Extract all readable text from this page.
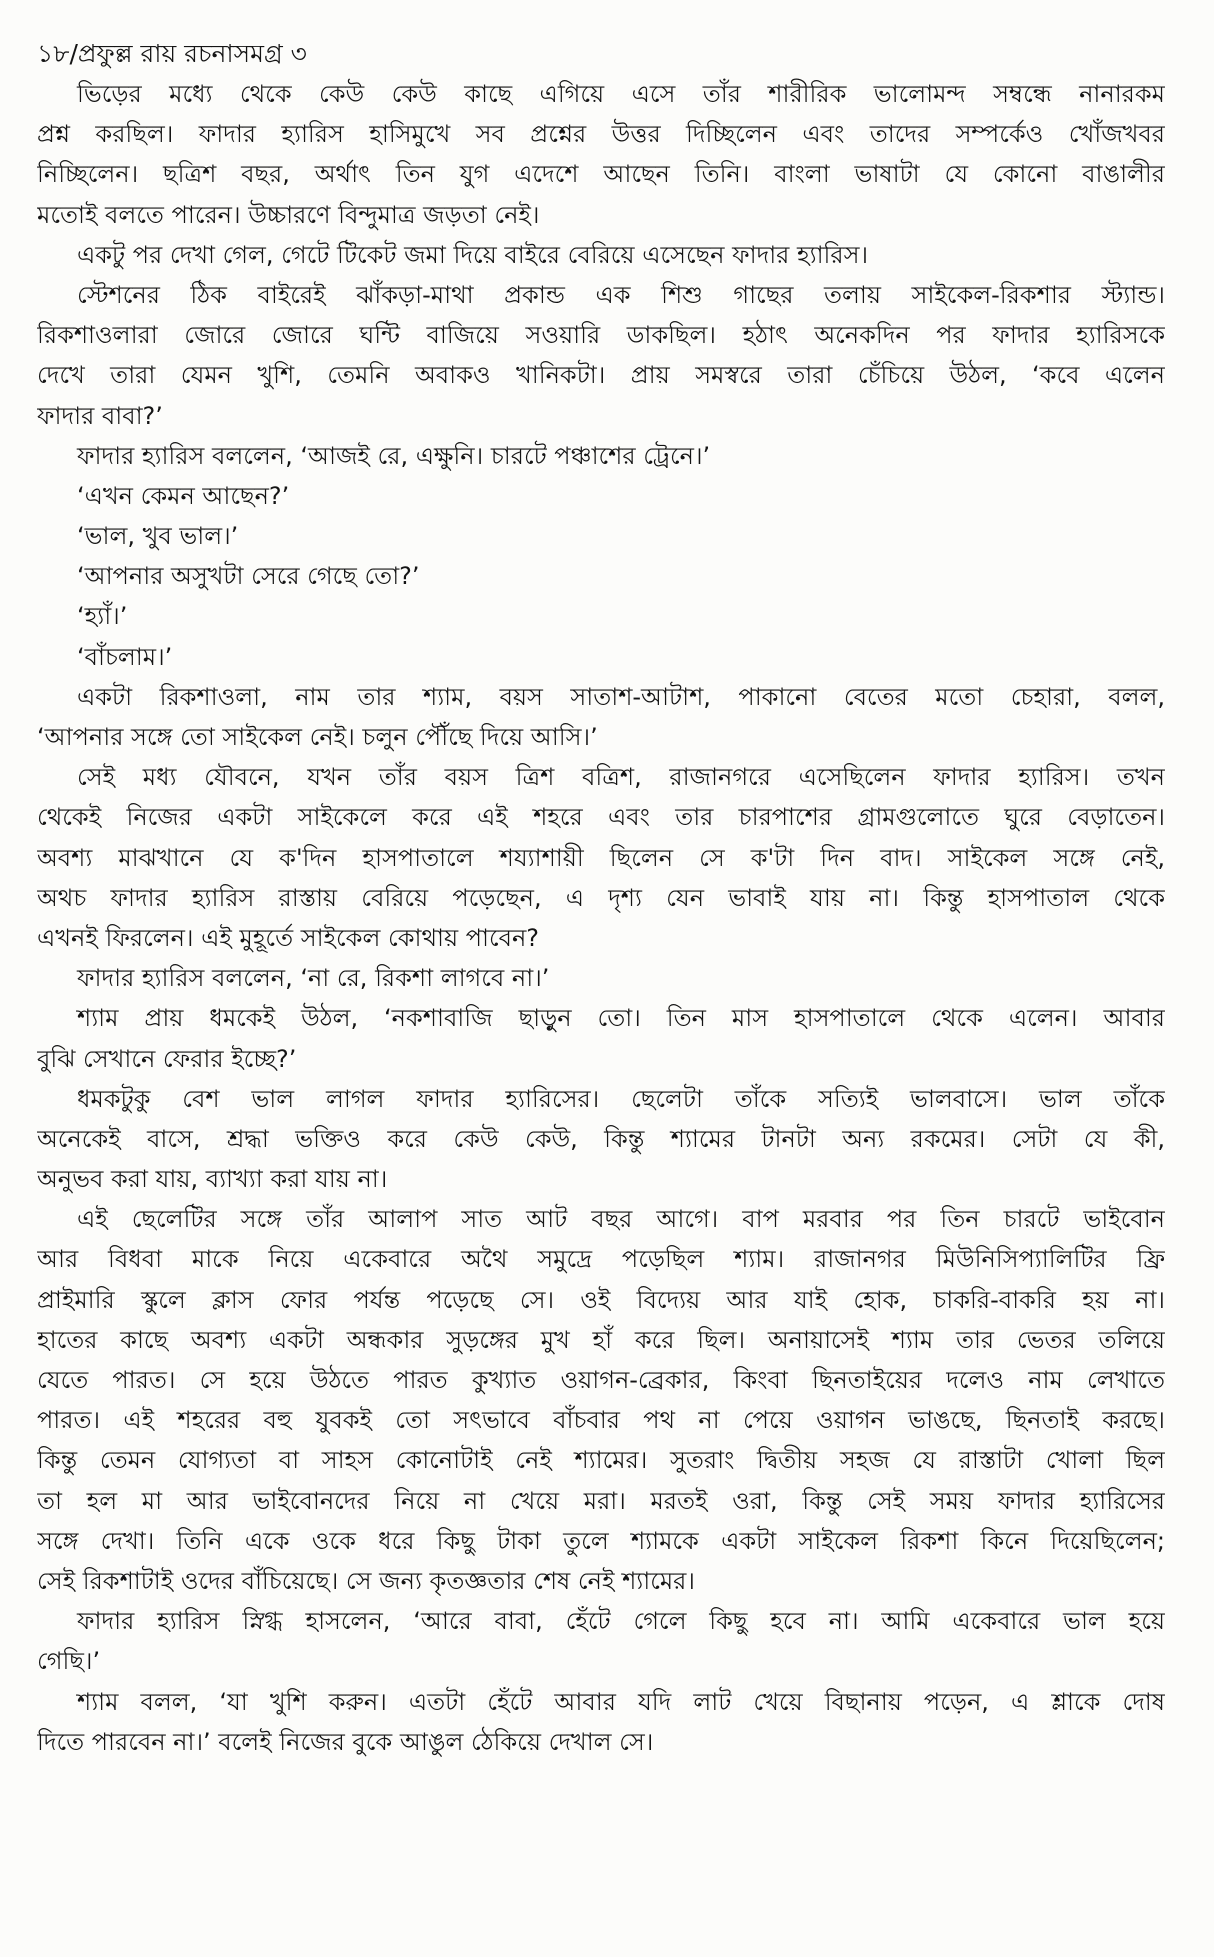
১৮/প্রফুল্ল রায় রচনাসমগ্র ৩
ভিড়ের মধ্যে থেকে কেউ কেউ কাছে এগিয়ে এসে তাঁর শারীরিক ভালোমন্দ সম্বন্ধে নানারকম
প্রশ্ন করছিল। ফাদার হ্যারিস হাসিমুখে সব প্রশ্নের উত্তর দিচ্ছিলেন এবং তাদের সম্পর্কেও খোঁজখবর
নিচ্ছিলেন। ছত্রিশ বছর, অর্থাৎ তিন যুগ এদেশে আছেন তিনি। বাংলা ভাষাটা যে কোনো বাঙালীর
মতোই বলতে পারেন। উচ্চারণে বিন্দুমাত্র জড়তা নেই।
একটু পর দেখা গেল, গেটে টিকেট জমা দিয়ে বাইরে বেরিয়ে এসেছেন ফাদার হ্যারিস।
স্টেশনের ঠিক বাইরেই ঝাঁকড়া-মাথা প্রকান্ড এক শিশু গাছের তলায় সাইকেল-রিকশার স্ট্যান্ড।
রিকশাওলারা জোরে জোরে ঘন্টি বাজিয়ে সওয়ারি ডাকছিল। হঠাৎ অনেকদিন পর ফাদার হ্যারিসকে
দেখে তারা যেমন খুশি, তেমনি অবাকও খানিকটা। প্রায় সমস্বরে তারা চেঁচিয়ে উঠল, ‘কবে এলেন
ফাদার বাবা?’
ফাদার হ্যারিস বললেন, ‘আজই রে, এক্ষুনি। চারটে পঞ্চাশের ট্রেনে।’
‘এখন কেমন আছেন?’
‘ভাল, খুব ভাল।’
‘আপনার অসুখটা সেরে গেছে তো?’
‘হ্যাঁ।’
‘বাঁচলাম।’
একটা রিকশাওলা, নাম তার শ্যাম, বয়স সাতাশ-আটাশ, পাকানো বেতের মতো চেহারা, বলল,
‘আপনার সঙ্গে তো সাইকেল নেই। চলুন পৌঁছে দিয়ে আসি।’
সেই মধ্য যৌবনে, যখন তাঁর বয়স ত্রিশ বত্রিশ, রাজানগরে এসেছিলেন ফাদার হ্যারিস। তখন
থেকেই নিজের একটা সাইকেলে করে এই শহরে এবং তার চারপাশের গ্রামগুলোতে ঘুরে বেড়াতেন।
অবশ্য মাঝখানে যে ক'দিন হাসপাতালে শয্যাশায়ী ছিলেন সে ক'টা দিন বাদ। সাইকেল সঙ্গে নেই,
অথচ ফাদার হ্যারিস রাস্তায় বেরিয়ে পড়েছেন, এ দৃশ্য যেন ভাবাই যায় না। কিন্তু হাসপাতাল থেকে
এখনই ফিরলেন। এই মুহূর্তে সাইকেল কোথায় পাবেন?
ফাদার হ্যারিস বললেন, ‘না রে, রিকশা লাগবে না।’
শ্যাম প্রায় ধমকেই উঠল, ‘নকশাবাজি ছাড়ুন তো। তিন মাস হাসপাতালে থেকে এলেন। আবার
বুঝি সেখানে ফেরার ইচ্ছে?’
ধমকটুকু বেশ ভাল লাগল ফাদার হ্যারিসের। ছেলেটা তাঁকে সত্যিই ভালবাসে। ভাল তাঁকে
অনেকেই বাসে, শ্রদ্ধা ভক্তিও করে কেউ কেউ, কিন্তু শ্যামের টানটা অন্য রকমের। সেটা যে কী,
অনুভব করা যায়, ব্যাখ্যা করা যায় না।
এই ছেলেটির সঙ্গে তাঁর আলাপ সাত আট বছর আগে। বাপ মরবার পর তিন চারটে ভাইবোন
আর বিধবা মাকে নিয়ে একেবারে অথৈ সমুদ্রে পড়েছিল শ্যাম। রাজানগর মিউনিসিপ্যালিটির ফ্রি
প্রাইমারি স্কুলে ক্লাস ফোর পর্যন্ত পড়েছে সে। ওই বিদ্যেয় আর যাই হোক, চাকরি-বাকরি হয় না।
হাতের কাছে অবশ্য একটা অন্ধকার সুড়ঙ্গের মুখ হাঁ করে ছিল। অনায়াসেই শ্যাম তার ভেতর তলিয়ে
যেতে পারত। সে হয়ে উঠতে পারত কুখ্যাত ওয়াগন-ব্রেকার, কিংবা ছিনতাইয়ের দলেও নাম লেখাতে
পারত। এই শহরের বহু যুবকই তো সৎভাবে বাঁচবার পথ না পেয়ে ওয়াগন ভাঙছে, ছিনতাই করছে।
কিন্তু তেমন যোগ্যতা বা সাহস কোনোটাই নেই শ্যামের। সুতরাং দ্বিতীয় সহজ যে রাস্তাটা খোলা ছিল
তা হল মা আর ভাইবোনদের নিয়ে না খেয়ে মরা। মরতই ওরা, কিন্তু সেই সময় ফাদার হ্যারিসের
সঙ্গে দেখা। তিনি একে ওকে ধরে কিছু টাকা তুলে শ্যামকে একটা সাইকেল রিকশা কিনে দিয়েছিলেন;
সেই রিকশাটাই ওদের বাঁচিয়েছে। সে জন্য কৃতজ্ঞতার শেষ নেই শ্যামের।
ফাদার হ্যারিস স্নিগ্ধ হাসলেন, ‘আরে বাবা, হেঁটে গেলে কিছু হবে না। আমি একেবারে ভাল হয়ে
গেছি।’
শ্যাম বলল, ‘যা খুশি করুন। এতটা হেঁটে আবার যদি লাট খেয়ে বিছানায় পড়েন, এ শ্লাকে দোষ
দিতে পারবেন না।’ বলেই নিজের বুকে আঙুল ঠেকিয়ে দেখাল সে।
